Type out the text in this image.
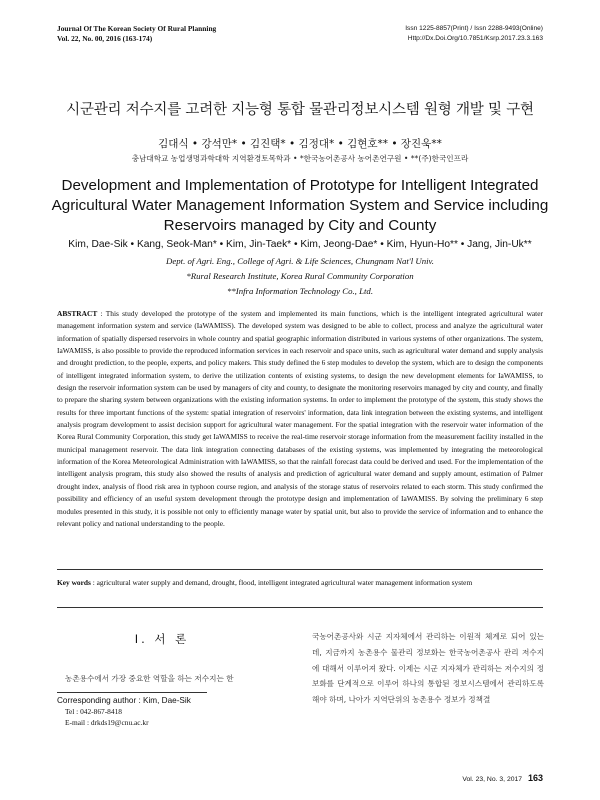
Journal Of The Korean Society Of Rural Planning
Vol. 22, No. 00, 2016 (163-174)
Issn 1225-8857(Print) / Issn 2288-9493(Online)
Http://Dx.Doi.Org/10.7851/Ksrp.2017.23.3.163
시군관리 저수지를 고려한 지능형 통합 물관리정보시스템 원형 개발 및 구현
김대식 • 강석만* • 김진택* • 김정대* • 김현호** • 장진욱**
충남대학교 농업생명과학대학 지역환경토목학과 • *한국농어촌공사 농어촌연구원 • **(주)한국인프라
Development and Implementation of Prototype for Intelligent Integrated Agricultural Water Management Information System and Service including Reservoirs managed by City and County
Kim, Dae-Sik • Kang, Seok-Man* • Kim, Jin-Taek* • Kim, Jeong-Dae* • Kim, Hyun-Ho** • Jang, Jin-Uk**
Dept. of Agri. Eng., College of Agri. & Life Sciences, Chungnam Nat'l Univ.
*Rural Research Institute, Korea Rural Community Corporation
**Infra Information Technology Co., Ltd.
ABSTRACT : This study developed the prototype of the system and implemented its main functions, which is the intelligent integrated agricultural water management information system and service (IaWAMISS). The developed system was designed to be able to collect, process and analyze the agricultural water information of spatially dispersed reservoirs in whole country and spatial geographic information distributed in various systems of other organizations. The system, IaWAMISS, is also possible to provide the reproduced information services in each reservoir and space units, such as agricultural water demand and supply analysis and drought prediction, to the people, experts, and policy makers. This study defined the 6 step modules to develop the system, which are to design the components of intelligent integrated information system, to derive the utilization contents of existing systems, to design the new development elements for IaWAMISS, to design the reservoir information system can be used by managers of city and county, to designate the monitoring reservoirs managed by city and county, and finally to prepare the sharing system between organizations with the existing information systems. In order to implement the prototype of the system, this study shows the results for three important functions of the system: spatial integration of reservoirs' information, data link integration between the existing systems, and intelligent analysis program development to assist decision support for agricultural water management. For the spatial integration with the reservoir water information of the Korea Rural Community Corporation, this study get IaWAMISS to receive the real-time reservoir storage information from the measurement facility installed in the municipal management reservoir. The data link integration connecting databases of the existing systems, was implemented by integrating the meteorological information of the Korea Meteorological Administration with IaWAMISS, so that the rainfall forecast data could be derived and used. For the implementation of the intelligent analysis program, this study also showed the results of analysis and prediction of agricultural water demand and supply amount, estimation of Palmer drought index, analysis of flood risk area in typhoon course region, and analysis of the storage status of reservoirs related to each storm. This study confirmed the possibility and efficiency of an useful system development through the prototype design and implementation of IaWAMISS. By solving the preliminary 6 step modules presented in this study, it is possible not only to efficiently manage water by spatial unit, but also to provide the service of information and to enhance the relevant policy and national understanding to the people.
Key words : agricultural water supply and demand, drought, flood, intelligent integrated agricultural water management information system
I. 서 론
농촌용수에서 가장 중요한 역할을 하는 저수지는 한
Corresponding author : Kim, Dae-Sik
Tel : 042-867-8418
E-mail : drkds19@cnu.ac.kr
국농어촌공사와 시군 지자체에서 관리하는 이원적 체계로 되어 있는데, 지금까지 농촌용수 물관리 정보화는 한국농어촌공사 관리 저수지에 대해서 이루어져 왔다. 이제는 시군 지자체가 관리하는 저수지의 정보화를 단계적으로 이루어 하나의 통합된 정보시스템에서 관리하도록 해야 하며, 나아가 지역단위의 농촌용수 정보가 정책결
Vol. 23, No. 3, 2017 163
